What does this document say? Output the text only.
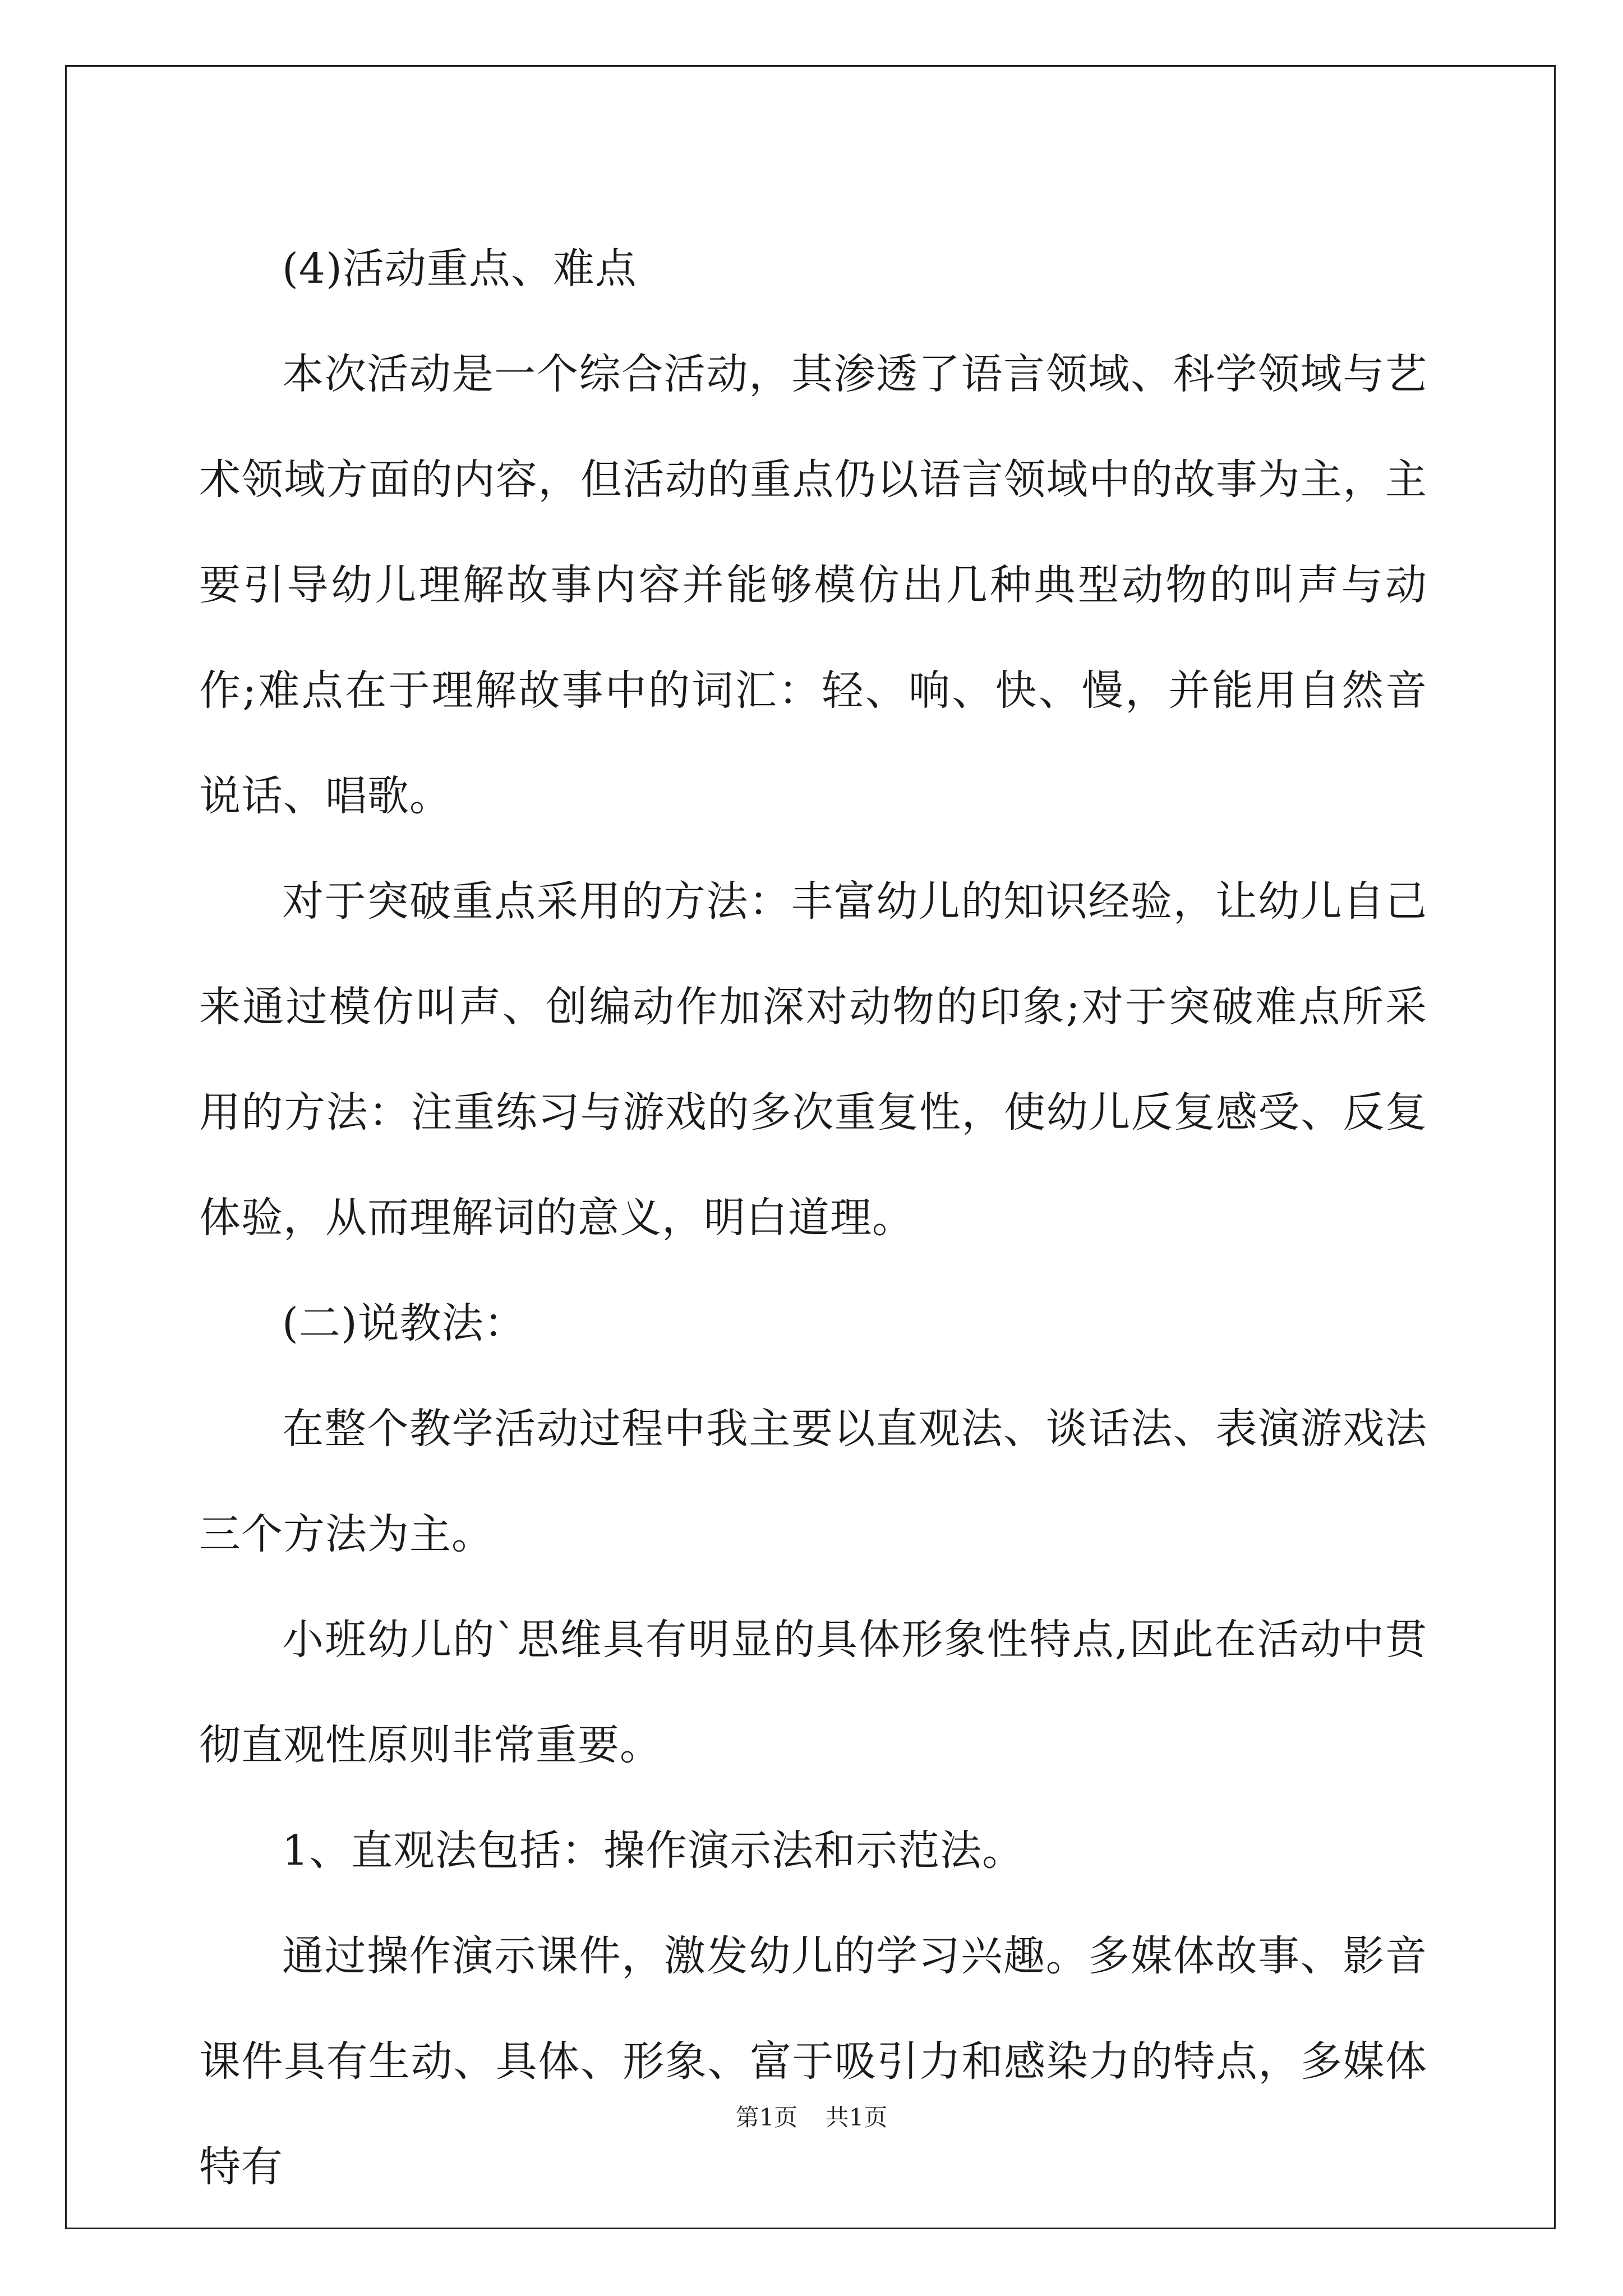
(4)活动重点、难点

本次活动是一个综合活动，其渗透了语言领域、科学领域与艺术领域方面的内容，但活动的重点仍以语言领域中的故事为主，主要引导幼儿理解故事内容并能够模仿出几种典型动物的叫声与动作;难点在于理解故事中的词汇：轻、响、快、慢，并能用自然音说话、唱歌。

对于突破重点采用的方法：丰富幼儿的知识经验，让幼儿自己来通过模仿叫声、创编动作加深对动物的印象;对于突破难点所采用的方法：注重练习与游戏的多次重复性，使幼儿反复感受、反复体验，从而理解词的意义，明白道理。

(二)说教法：

在整个教学活动过程中我主要以直观法、谈话法、表演游戏法三个方法为主。

小班幼儿的`思维具有明显的具体形象性特点,因此在活动中贯彻直观性原则非常重要。

1、直观法包括：操作演示法和示范法。

通过操作演示课件，激发幼儿的学习兴趣。多媒体故事、影音课件具有生动、具体、形象、富于吸引力和感染力的特点，多媒体特有

第1页 共1页
